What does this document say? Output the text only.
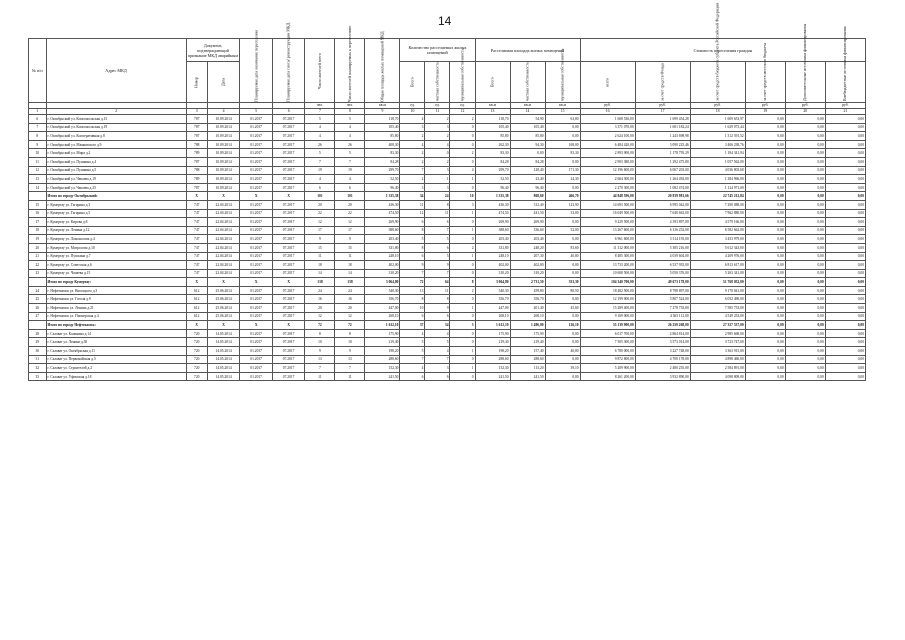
14
№ п/п	Адрес МКД	Документ, подтверждающий признание МКД аварийным		Планируемая дата окончания переселения	Планируемая дата сноса/ реконструкции МКД	Число жителей всего	Число жителей планируемых к переселению	Общая площадь жилых помещений МКД	Количество расселяемых жилых помещений			Расселяемая площадь жилых помещений			Стоимость переселения граждан					
		Номер	Дата						Всего	частная собственность	муниципальная собственность	Всего	частная собственность	муниципальная собственность	всего	за счет средств Фонда	за счет средств бюджета субъекта Российской Федерации	за счет средств местного бюджета	Дополнительные источники финансирования	Внебюджетные источники финансирования
						чел.	чел.	кв.м	ед.	ед.	ед.	кв.м	кв.м	кв.м	руб.	руб.	руб.	руб.	руб.	руб.
1	2	3	4	5	6	7	8	9	10	11	12	13	14	15	16	17	18	19	20	21
6	г. Октябрьский ул. Комсомольская д.15	787	10.09.2014	01.2017	07.2017	5	5	118,70	4	2	2	118,70	54,90	63,80	1 608 536,00	1 699 454,28	1 609 653,97	0,00	0,00	0,00
7	г. Октябрьский ул. Комсомольская д.19	787	10.09.2014	01.2017	07.2017	4	4	105,40	3	3	0	105,40	105,40	0,00	3 371 070,00	1 601 182,24	1 629 073,44	0,00	0,00	0,00
8	г. Октябрьский ул. Кооперативная д.8	787	10.09.2014	01.2017	07.2017	4	4	85,80	2	2	0	85,80	85,80	0,00	2 624 100,00	1 243 698,98	1 312 591,52	0,00	0,00	0,00
9	г. Октябрьский ул. Маяковского д.9	788	10.09.2014	01.2017	07.2017	26	26	408,30	4	4	0	262,30	94,30	168,00	6 484 420,00	3 090 225,46	3 406 238,76	0,00	0,00	0,00
10	г. Октябрьский ул. Мира д.2	789	10.09.2014	01.2017	07.2017	5	5	83,30	2	0	2	83,30	0,00	83,30	2 893 900,00	1 178 795,29	1 184 341,94	0,00	0,00	0,00
11	г. Октябрьский ул. Пушкина д.4	787	10.09.2014	01.2017	07.2017	7	7	84,28	2	2	0	84,28	84,28	0,00	2 903 380,00	1 292 475,80	1 057 562,00	0,00	0,00	0,00
12	г. Октябрьский ул. Пушкина д.5	788	10.09.2014	01.2017	07.2017	19	19	299,70	7	3	4	299,70	128,40	171,30	12 196 600,00	6 067 203,00	4 036 803,68	0,00	0,00	0,00
13	г. Октябрьский ул. Чапаева д.19	789	10.09.2014	01.2017	07.2017	4	4	52,50	2	1	1	52,50	23,40	24,30	2 664 300,00	1 264 492,00	1 384 966,00	0,00	0,00	0,00
14	г. Октябрьский ул. Чапаева д.25	787	10.09.2014	01.2017	07.2017	6	6	96,40	3	3	0	96,40	96,40	0,00	2 270 300,00	1 082 474,00	1 124 971,00	0,00	0,00	0,00
	Итого по городу Октябрьский:	X	X	X	X	101	101	1 335,38	34	24	10	1 335,38	868,60	466,70	44 848 596,00	20 839 981,66	22 745 212,84	0,00	0,00	0,00
15	г. Кумертау ул. Гагарина д.3	747	22.04.2014	01.2017	07.2017	20	20	436,30	11	8	3	436,30	312,40	123,90	14 693 500,00	6 995 042,00	7 290 088,00	0,00	0,00	0,00
16	г. Кумертау ул. Гагарина д.5	747	22.04.2014	01.2017	07.2017	22	22	474,50	12	11	1	474,50	441,50	33,00	16 049 500,00	7 640 663,00	7 962 880,00	0,00	0,00	0,00
17	г. Кумертау ул. Кирова д.8	747	22.04.2014	01.2017	07.2017	12	12	269,90	6	6	0	269,90	269,90	0,00	9 229 500,00	4 393 897,00	4 579 166,00	0,00	0,00	0,00
18	г. Кумертау ул. Ленина д.12	747	22.04.2014	01.2017	07.2017	17	17	388,60	8	7	1	388,60	336,60	52,00	13 267 600,00	6 316 252,00	6 582 662,00	0,00	0,00	0,00
19	г. Кумертау ул. Ломоносова д.4	747	22.04.2014	01.2017	07.2017	9	9	203,40	5	5	0	203,40	203,40	0,00	6 961 600,00	3 314 193,00	3 453 979,00	0,00	0,00	0,00
20	г. Кумертау ул. Матросова д.10	747	22.04.2014	01.2017	07.2017	15	15	331,80	8	6	2	331,80	248,20	83,60	11 312 000,00	5 385 216,00	5 612 343,00	0,00	0,00	0,00
21	г. Кумертау ул. Пушкина д.7	747	22.04.2014	01.2017	07.2017	11	11	248,10	6	5	1	248,10	207,30	40,80	8 485 300,00	4 039 604,00	4 209 976,00	0,00	0,00	0,00
22	г. Кумертау ул. Советская д.6	747	22.04.2014	01.2017	07.2017	18	18	402,00	9	9	0	402,00	402,00	0,00	13 733 200,00	6 537 935,00	6 813 617,00	0,00	0,00	0,00
23	г. Кумертау ул. Чапаева д.15	747	22.04.2014	01.2017	07.2017	14	14	310,20	7	7	0	310,20	310,20	0,00	10 608 500,00	5 050 376,00	5 263 341,00	0,00	0,00	0,00
	Итого по городу Кумертау:	X	X	X	X	138	138	3 064,80	72	64	8	3 064,80	2 731,50	333,30	104 340 700,00	49 673 178,00	51 768 052,00	0,00	0,00	0,00
24	г. Нефтекамск ул. Высоцкого д.3	612	25.06.2014	01.2017	07.2017	24	24	540,30	13	11	2	540,30	459,80	80,50	18 482 500,00	8 798 897,00	9 170 041,00	0,00	0,00	0,00
25	г. Нефтекамск ул. Гоголя д.9	612	25.06.2014	01.2017	07.2017	16	16	356,70	8	8	0	356,70	356,70	0,00	12 199 000,00	5 807 524,00	6 052 490,00	0,00	0,00	0,00
26	г. Нефтекамск ул. Ленина д.21	612	25.06.2014	01.2017	07.2017	20	20	447,00	10	9	1	447,00	401,40	45,60	15 289 400,00	7 278 735,00	7 585 753,00	0,00	0,00	0,00
27	г. Нефтекамск ул. Пионерская д.4	612	25.06.2014	01.2017	07.2017	12	12	268,10	6	6	0	268,10	268,10	0,00	9 169 000,00	4 365 112,00	4 549 253,00	0,00	0,00	0,00
	Итого по городу Нефтекамск:	X	X	X	X	72	72	1 612,10	37	34	3	1 612,10	1 486,00	126,10	55 139 900,00	26 250 268,00	27 357 537,00	0,00	0,00	0,00
28	г. Салават ул. Калинина д.14	720	14.05.2014	01.2017	07.2017	8	8	175,90	4	4	0	175,90	175,90	0,00	6 017 700,00	2 864 814,00	2 985 668,00	0,00	0,00	0,00
29	г. Салават ул. Ленина д.30	720	14.05.2014	01.2017	07.2017	10	10	219,40	5	5	0	219,40	219,40	0,00	7 505 300,00	3 573 014,00	3 723 747,00	0,00	0,00	0,00
30	г. Салават ул. Октябрьская д.11	720	14.05.2014	01.2017	07.2017	9	9	198,20	5	4	1	198,20	157,40	40,80	6 780 000,00	3 227 748,00	3 363 915,00	0,00	0,00	0,00
31	г. Салават ул. Первомайская д.5	720	14.05.2014	01.2017	07.2017	13	13	288,60	7	7	0	288,60	288,60	0,00	9 872 800,00	4 700 178,00	4 898 460,00	0,00	0,00	0,00
32	г. Салават ул. Строителей д.2	720	14.05.2014	01.2017	07.2017	7	7	152,30	4	3	1	152,30	113,20	39,10	5 209 900,00	2 480 255,00	2 584 891,00	0,00	0,00	0,00
33	г. Салават ул. Уфимская д.18	720	14.05.2014	01.2017	07.2017	11	11	241,50	6	6	0	241,50	241,50	0,00	8 261 200,00	3 932 890,00	4 098 809,00	0,00	0,00	0,00
